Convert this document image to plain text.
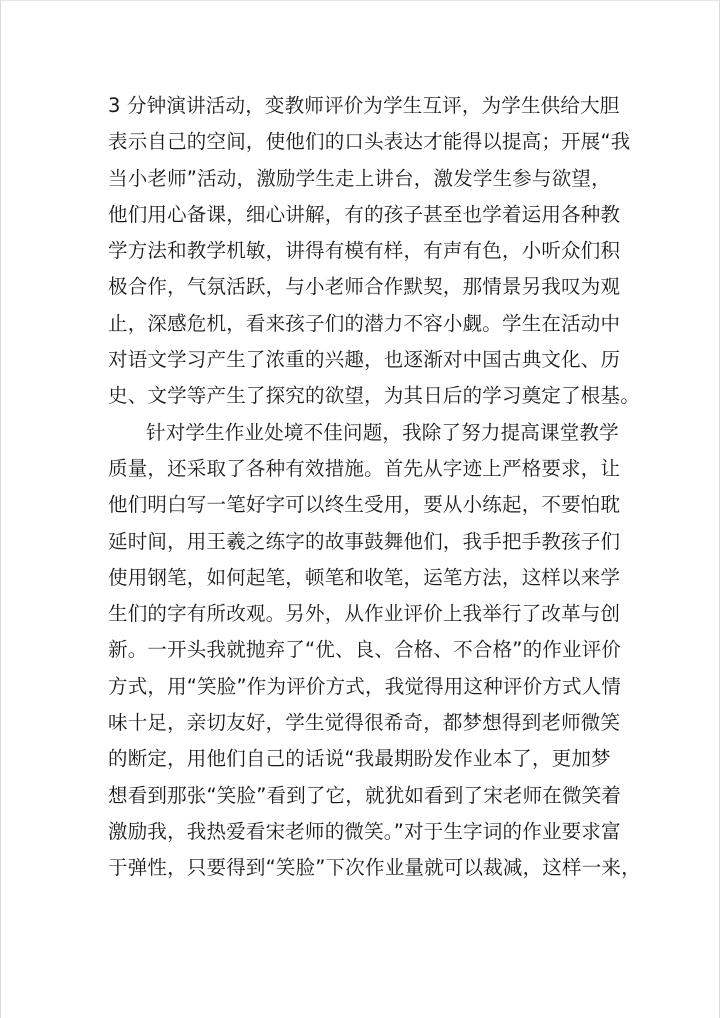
3 分钟演讲活动，变教师评价为学生互评，为学生供给大胆
表示自己的空间，使他们的口头表达才能得以提高；开展“我
当小老师”活动，激励学生走上讲台，激发学生参与欲望，
他们用心备课，细心讲解，有的孩子甚至也学着运用各种教
学方法和教学机敏，讲得有模有样，有声有色，小听众们积
极合作，气氛活跃，与小老师合作默契，那情景另我叹为观
止，深感危机，看来孩子们的潜力不容小觑。学生在活动中
对语文学习产生了浓重的兴趣，也逐渐对中国古典文化、历
史、文学等产生了探究的欲望，为其日后的学习奠定了根基。
针对学生作业处境不佳问题，我除了努力提高课堂教学
质量，还采取了各种有效措施。首先从字迹上严格要求，让
他们明白写一笔好字可以终生受用，要从小练起，不要怕耽
延时间，用王羲之练字的故事鼓舞他们，我手把手教孩子们
使用钢笔，如何起笔，顿笔和收笔，运笔方法，这样以来学
生们的字有所改观。另外，从作业评价上我举行了改革与创
新。一开头我就抛弃了“优、良、合格、不合格”的作业评价
方式，用“笑脸”作为评价方式，我觉得用这种评价方式人情
味十足，亲切友好，学生觉得很希奇，都梦想得到老师微笑
的断定，用他们自己的话说“我最期盼发作业本了，更加梦
想看到那张“笑脸”看到了它，就犹如看到了宋老师在微笑着
激励我，我热爱看宋老师的微笑。”对于生字词的作业要求富
于弹性，只要得到“笑脸”下次作业量就可以裁减，这样一来，
